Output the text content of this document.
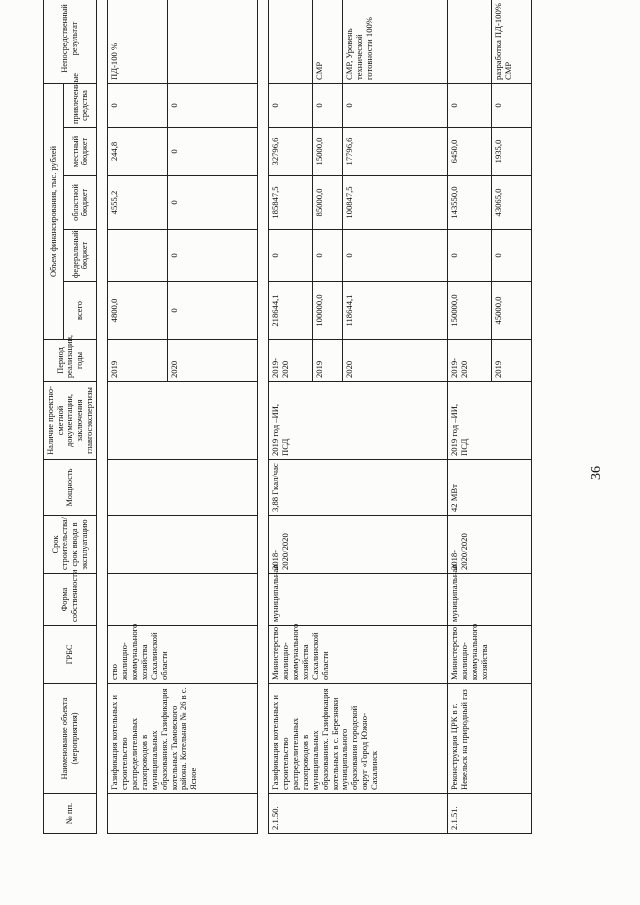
36
№ пп.	Наименование объекта (мероприятия)	ГРБС	Форма собственности	Срок строительства/срок ввода в эксплуатацию	Мощность	Наличие проектно-сметной документации, заключения главгосэкспертизы	Период реализации, годы	Объем финансирования, тыс. рублей					Непосредственный результат
								всего	федеральный бюджет	областной бюджет	местный бюджет	привлеченные средства	

	Газификация котельных и строительство распределительных газопроводов в муниципальных образованиях. Газификация котельных Тымовского района. Котельная № 26 в с. Ясное	ство жилищно-коммунального хозяйства Сахалинской области					2019	4800,0		4555,2	244,8	0	ПД-100 %
							2020	0	0	0	0	0	

2.1.50.	Газификация котельных и строительство распределительных газопроводов в муниципальных образованиях. Газификация котельных в с. Березняки муниципального образования городской округ «Город Южно-Сахалинск	Министерство жилищно-коммунального хозяйства Сахалинской области	муниципальная	2018-2020/2020	3,88 Гкал/час	2019 год –ИИ, ПСД	2019-2020	218644,1	0	185847,5	32796,6	0	
							2019	100000,0	0	85000,0	15000,0	0	СМР
							2020	118644,1	0	100847,5	17796,6	0	СМР, Уровень технической готовности 100%
2.1.51.	Реконструкция ЦРК в г. Невельск на природный газ	Министерство жилищно-коммунального хозяйства	муниципальная	2018-2020/2020	42 МВт	2019 год –ИИ, ПСД	2019-2020	150000,0	0	143550,0	6450,0	0	
							2019	45000,0	0	43065,0	1935,0	0	разработка ПД-100% СМР
